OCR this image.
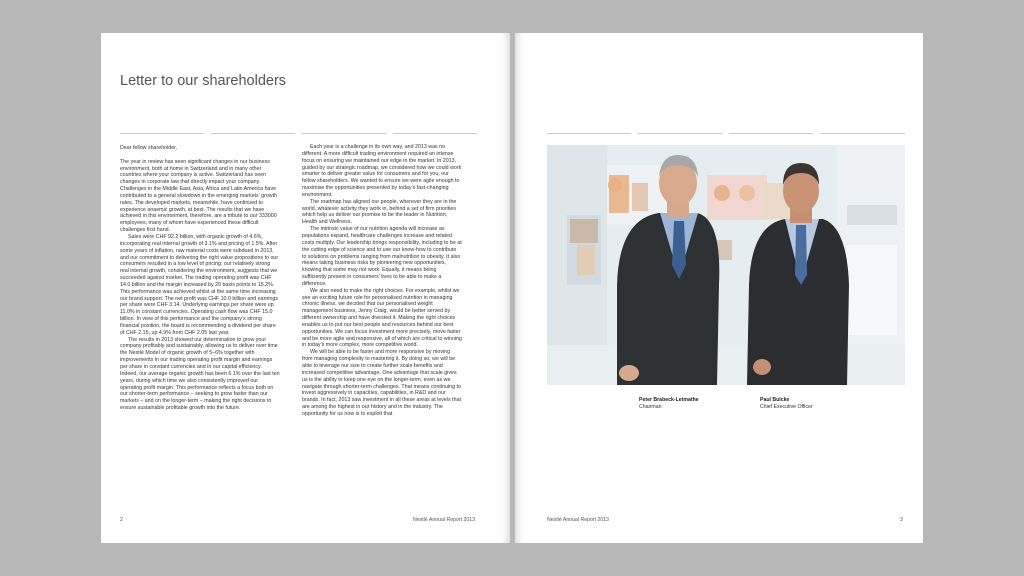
Letter to our shareholders

Dear fellow shareholder,

The year in review has seen significant changes in our business environment, both at home in Switzerland and in many other countries where your company is active. Switzerland has seen changes in corporate law that directly impact your company. Challenges in the Middle East, Asia, Africa and Latin America have contributed to a general slowdown in the emerging markets’ growth rates. The developed markets, meanwhile, have continued to experience anaemic growth, at best. The results that we have achieved in this environment, therefore, are a tribute to our 333000 employees, many of whom have experienced these difficult challenges first hand.

Sales were CHF 92.2 billion, with organic growth of 4.6%, incorporating real internal growth of 3.1% and pricing of 1.5%. After some years of inflation, raw material costs were subdued in 2013, and our commitment to delivering the right value propositions to our consumers resulted in a low level of pricing: our relatively strong real internal growth, considering the environment, suggests that we succeeded against market. The trading operating profit was CHF 14.0 billion and the margin increased by 20 basis points to 15.2%. This performance was achieved whilst at the same time increasing our brand support. The net profit was CHF 10.0 billion and earnings per share were CHF 3.14. Underlying earnings per share were up 11.0% in constant currencies. Operating cash flow was CHF 15.0 billion. In view of this performance and the company’s strong financial position, the board is recommending a dividend per share of CHF 2.15, up 4.9% from CHF 2.05 last year.

The results in 2013 showed our determination to grow your company profitably and sustainably, allowing us to deliver over time the Nestlé Model of organic growth of 5–6% together with improvements in our trading operating profit margin and earnings per share in constant currencies and in our capital efficiency. Indeed, our average organic growth has been 6.1% over the last ten years, during which time we also consistently improved our operating profit margin. This performance reflects a focus both on our shorter-term performance – seeking to grow faster than our markets – and on the longer-term – making the right decisions to ensure sustainable profitable growth into the future.

Each year is a challenge in its own way, and 2013 was no different. A more difficult trading environment required an intense focus on ensuring we maintained our edge in the market. In 2013, guided by our strategic roadmap, we considered how we could work smarter to deliver greater value for consumers and for you, our fellow shareholders. We wanted to ensure we were agile enough to maximise the opportunities presented by today’s fast-changing environment.

The roadmap has aligned our people, wherever they are in the world, whatever activity they work in, behind a set of firm priorities which help us deliver our promise to be the leader in Nutrition, Health and Wellness.

The intrinsic value of our nutrition agenda will increase as populations expand, healthcare challenges increase and related costs multiply. Our leadership brings responsibility, including to be at the cutting edge of science and to use our know-how to contribute to solutions on problems ranging from malnutrition to obesity. It also means taking business risks by pioneering new opportunities, knowing that some may not work. Equally, it means being sufficiently present in consumers’ lives to be able to make a difference.

We also need to make the right choices. For example, whilst we see an exciting future role for personalised nutrition in managing chronic illness, we decided that our personalised weight management business, Jenny Craig, would be better served by different ownership and have divested it. Making the right choices enables us to put our best people and resources behind our best opportunities. We can focus investment more precisely, move faster and be more agile and responsive, all of which are critical to winning in today’s more complex, more competitive world.

We will be able to be faster and more responsive by moving from managing complexity to mastering it. By doing so, we will be able to leverage our size to create further scale benefits and increased competitive advantage. One advantage that scale gives us is the ability to keep one eye on the longer-term, even as we navigate through shorter-term challenges. That means continuing to invest aggressively in capacities, capabilities, in R&D and our brands. In fact, 2013 saw investment in all these areas at levels that are among the highest in our history and in the industry. The opportunity for us now is to exploit that

2	Nestlé Annual Report 2013
Peter Brabeck-Letmathe
Chairman
Paul Bulcke
Chief Executive Officer
Nestlé Annual Report 2013	3
